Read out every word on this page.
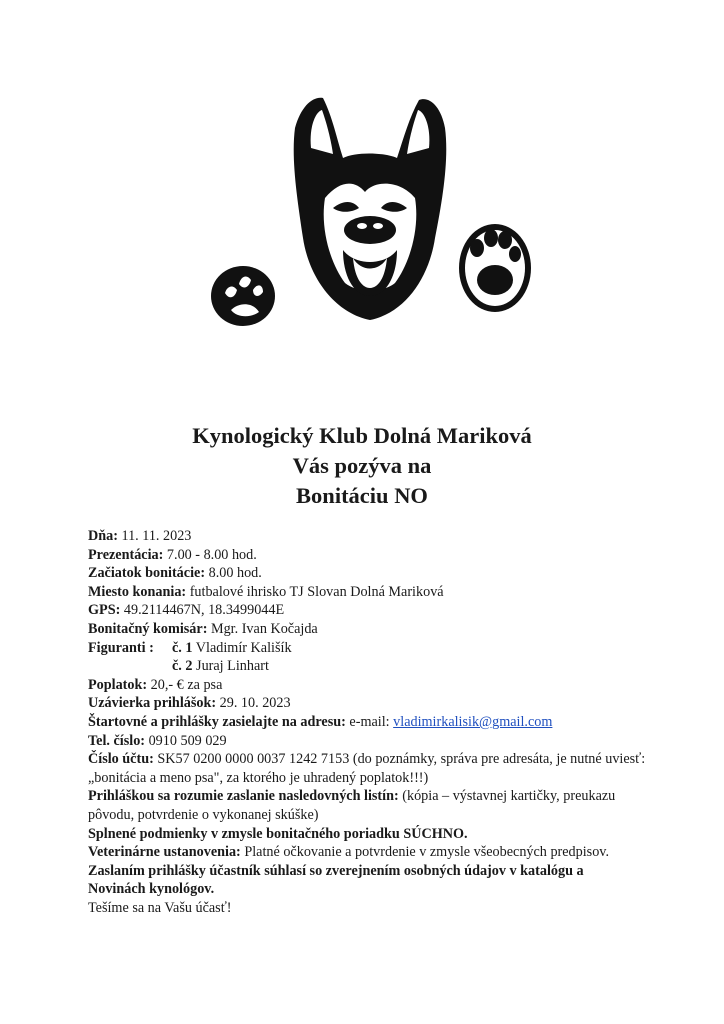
Kynologický Klub Dolná Mariková
Vás pozýva na
Bonitáciu NO
Dňa: 11. 11. 2023
Prezentácia: 7.00 - 8.00 hod.
Začiatok bonitácie: 8.00 hod.
Miesto konania: futbalové ihrisko TJ Slovan Dolná Mariková
GPS: 49.2114467N, 18.3499044E
Bonitačný komisár: Mgr. Ivan Kočajda
Figuranti : č. 1 Vladimír Kališík
č. 2 Juraj Linhart
Poplatok: 20,- € za psa
Uzávierka prihlášok: 29. 10. 2023
Štartovné a prihlášky zasielajte na adresu: e-mail: vladimirkalisik@gmail.com
Tel. číslo: 0910 509 029
Číslo účtu: SK57 0200 0000 0037 1242 7153 (do poznámky, správa pre adresáta, je nutné uviesť: „bonitácia a meno psa", za ktorého je uhradený poplatok!!!)
Prihláškou sa rozumie zaslanie nasledovných listín: (kópia – výstavnej kartičky, preukazu pôvodu, potvrdenie o vykonanej skúške)
Splnené podmienky v zmysle bonitačného poriadku SÚCHNO.
Veterinárne ustanovenia: Platné očkovanie a potvrdenie v zmysle všeobecných predpisov.
Zaslaním prihlášky účastník súhlasí so zverejnením osobných údajov v katalógu a Novinách kynológov.
Tešíme sa na Vašu účasť!
